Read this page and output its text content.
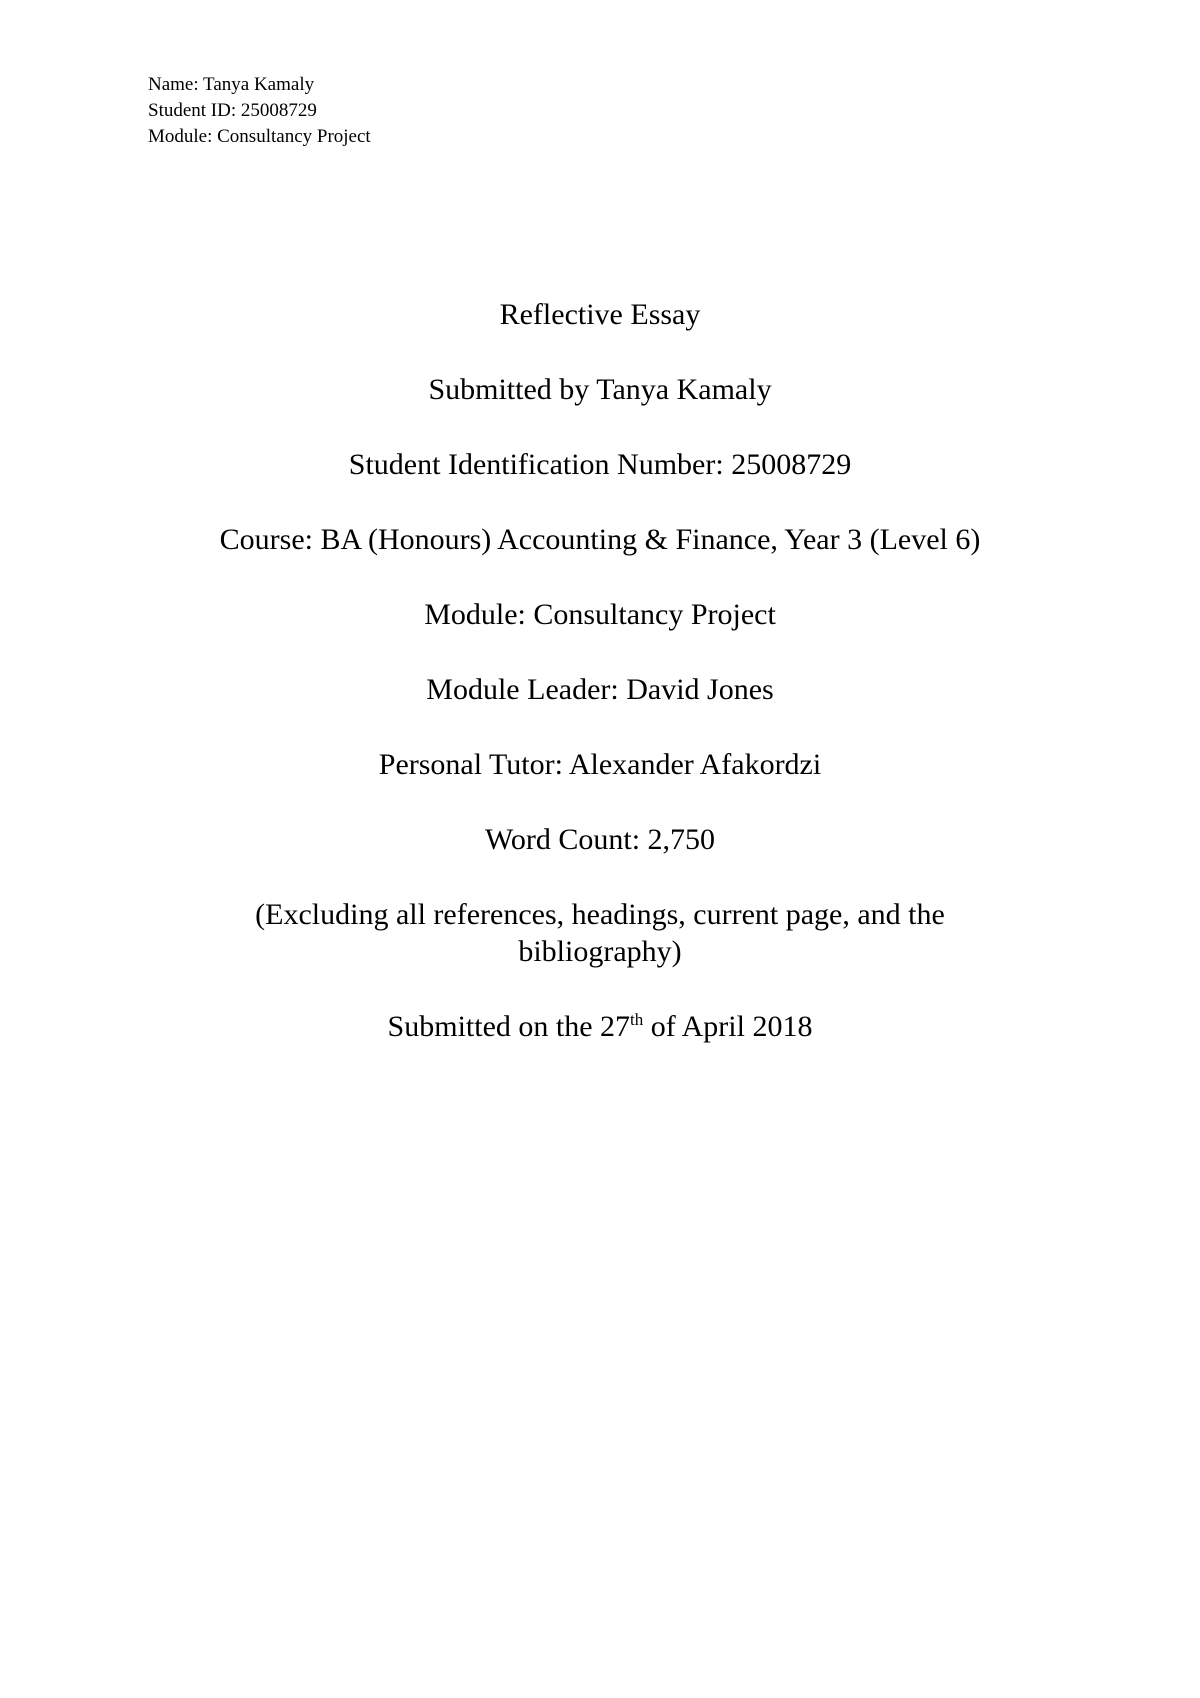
Name: Tanya Kamaly
Student ID: 25008729
Module: Consultancy Project
Reflective Essay
Submitted by Tanya Kamaly
Student Identification Number: 25008729
Course: BA (Honours) Accounting & Finance, Year 3 (Level 6)
Module: Consultancy Project
Module Leader: David Jones
Personal Tutor: Alexander Afakordzi
Word Count: 2,750
(Excluding all references, headings, current page, and the bibliography)
Submitted on the 27th of April 2018
